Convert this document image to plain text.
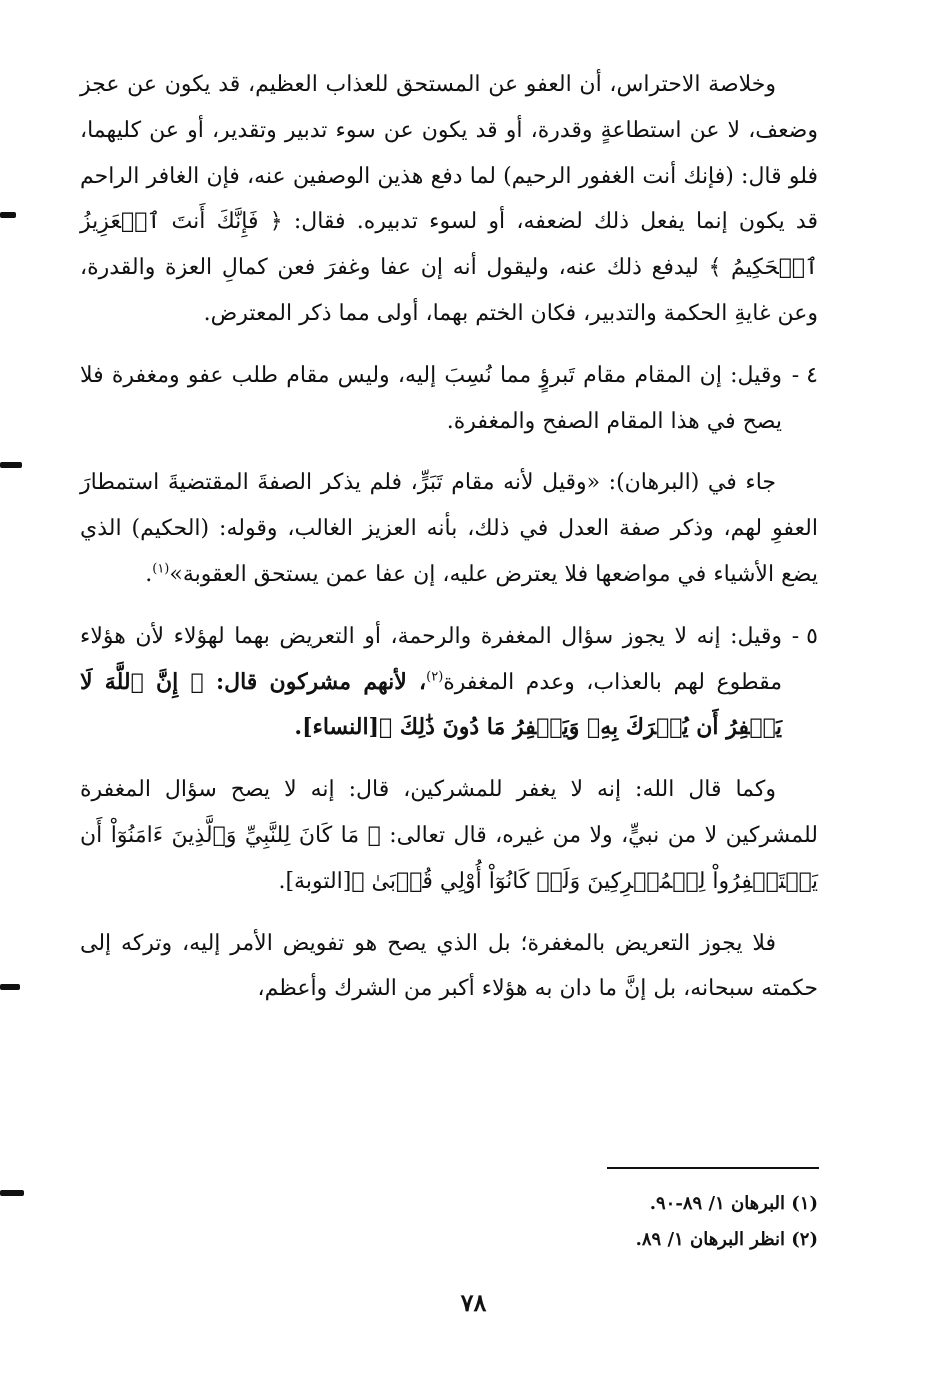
وخلاصة الاحتراس، أن العفو عن المستحق للعذاب العظيم، قد يكون عن عجز وضعف، لا عن استطاعةٍ وقدرة، أو قد يكون عن سوء تدبير وتقدير، أو عن كليهما، فلو قال: (فإنك أنت الغفور الرحيم) لما دفع هذين الوصفين عنه، فإن الغافر الراحم قد يكون إنما يفعل ذلك لضعفه، أو لسوء تدبيره. فقال: ﴿ فَإِنَّكَ أَنتَ ٱلۡعَزِيزُ ٱلۡحَكِيمُ ﴾ ليدفع ذلك عنه، وليقول أنه إن عفا وغفرَ فعن كمالِ العزة والقدرة، وعن غايةِ الحكمة والتدبير، فكان الختم بهما، أولى مما ذكر المعترض.

٤ -
وقيل: إن المقام مقام تَبرؤٍ مما نُسِبَ إليه، وليس مقام طلب عفو ومغفرة فلا يصح في هذا المقام الصفح والمغفرة.

جاء في (البرهان): «وقيل لأنه مقام تَبَرٍّ، فلم يذكر الصفةَ المقتضيةَ استمطارَ العفوِ لهم، وذكر صفة العدل في ذلك، بأنه العزيز الغالب، وقوله: (الحكيم) الذي يضع الأشياء في مواضعها فلا يعترض عليه، إن عفا عمن يستحق العقوبة»$^{(١)}$.

٥ -
وقيل: إنه لا يجوز سؤال المغفرة والرحمة، أو التعريض بهما لهؤلاء لأن هؤلاء مقطوع لهم بالعذاب، وعدم المغفرة$^{(٢)}$، لأنهم مشركون قال: ﴿ إِنَّ ٱللَّهَ لَا يَغۡفِرُ أَن يُشۡرَكَ بِهِۦ وَيَغۡفِرُ مَا دُونَ ذَٰلِكَ ﴾[النساء].

وكما قال الله: إنه لا يغفر للمشركين، قال: إنه لا يصح سؤال المغفرة للمشركين لا من نبيٍّ، ولا من غيره، قال تعالى: ﴿ مَا كَانَ لِلنَّبِيِّ وَٱلَّذِينَ ءَامَنُوٓاْ أَن يَسۡتَغۡفِرُواْ لِلۡمُشۡرِكِينَ وَلَوۡ كَانُوٓاْ أُوْلِي قُرۡبَىٰ ﴾[التوبة].

فلا يجوز التعريض بالمغفرة؛ بل الذي يصح هو تفويض الأمر إليه، وتركه إلى حكمته سبحانه، بل إنَّ ما دان به هؤلاء أكبر من الشرك وأعظم،

(١) البرهان ١/ ٨٩-٩٠.

(٢) انظر البرهان ١/ ٨٩.

٧٨
